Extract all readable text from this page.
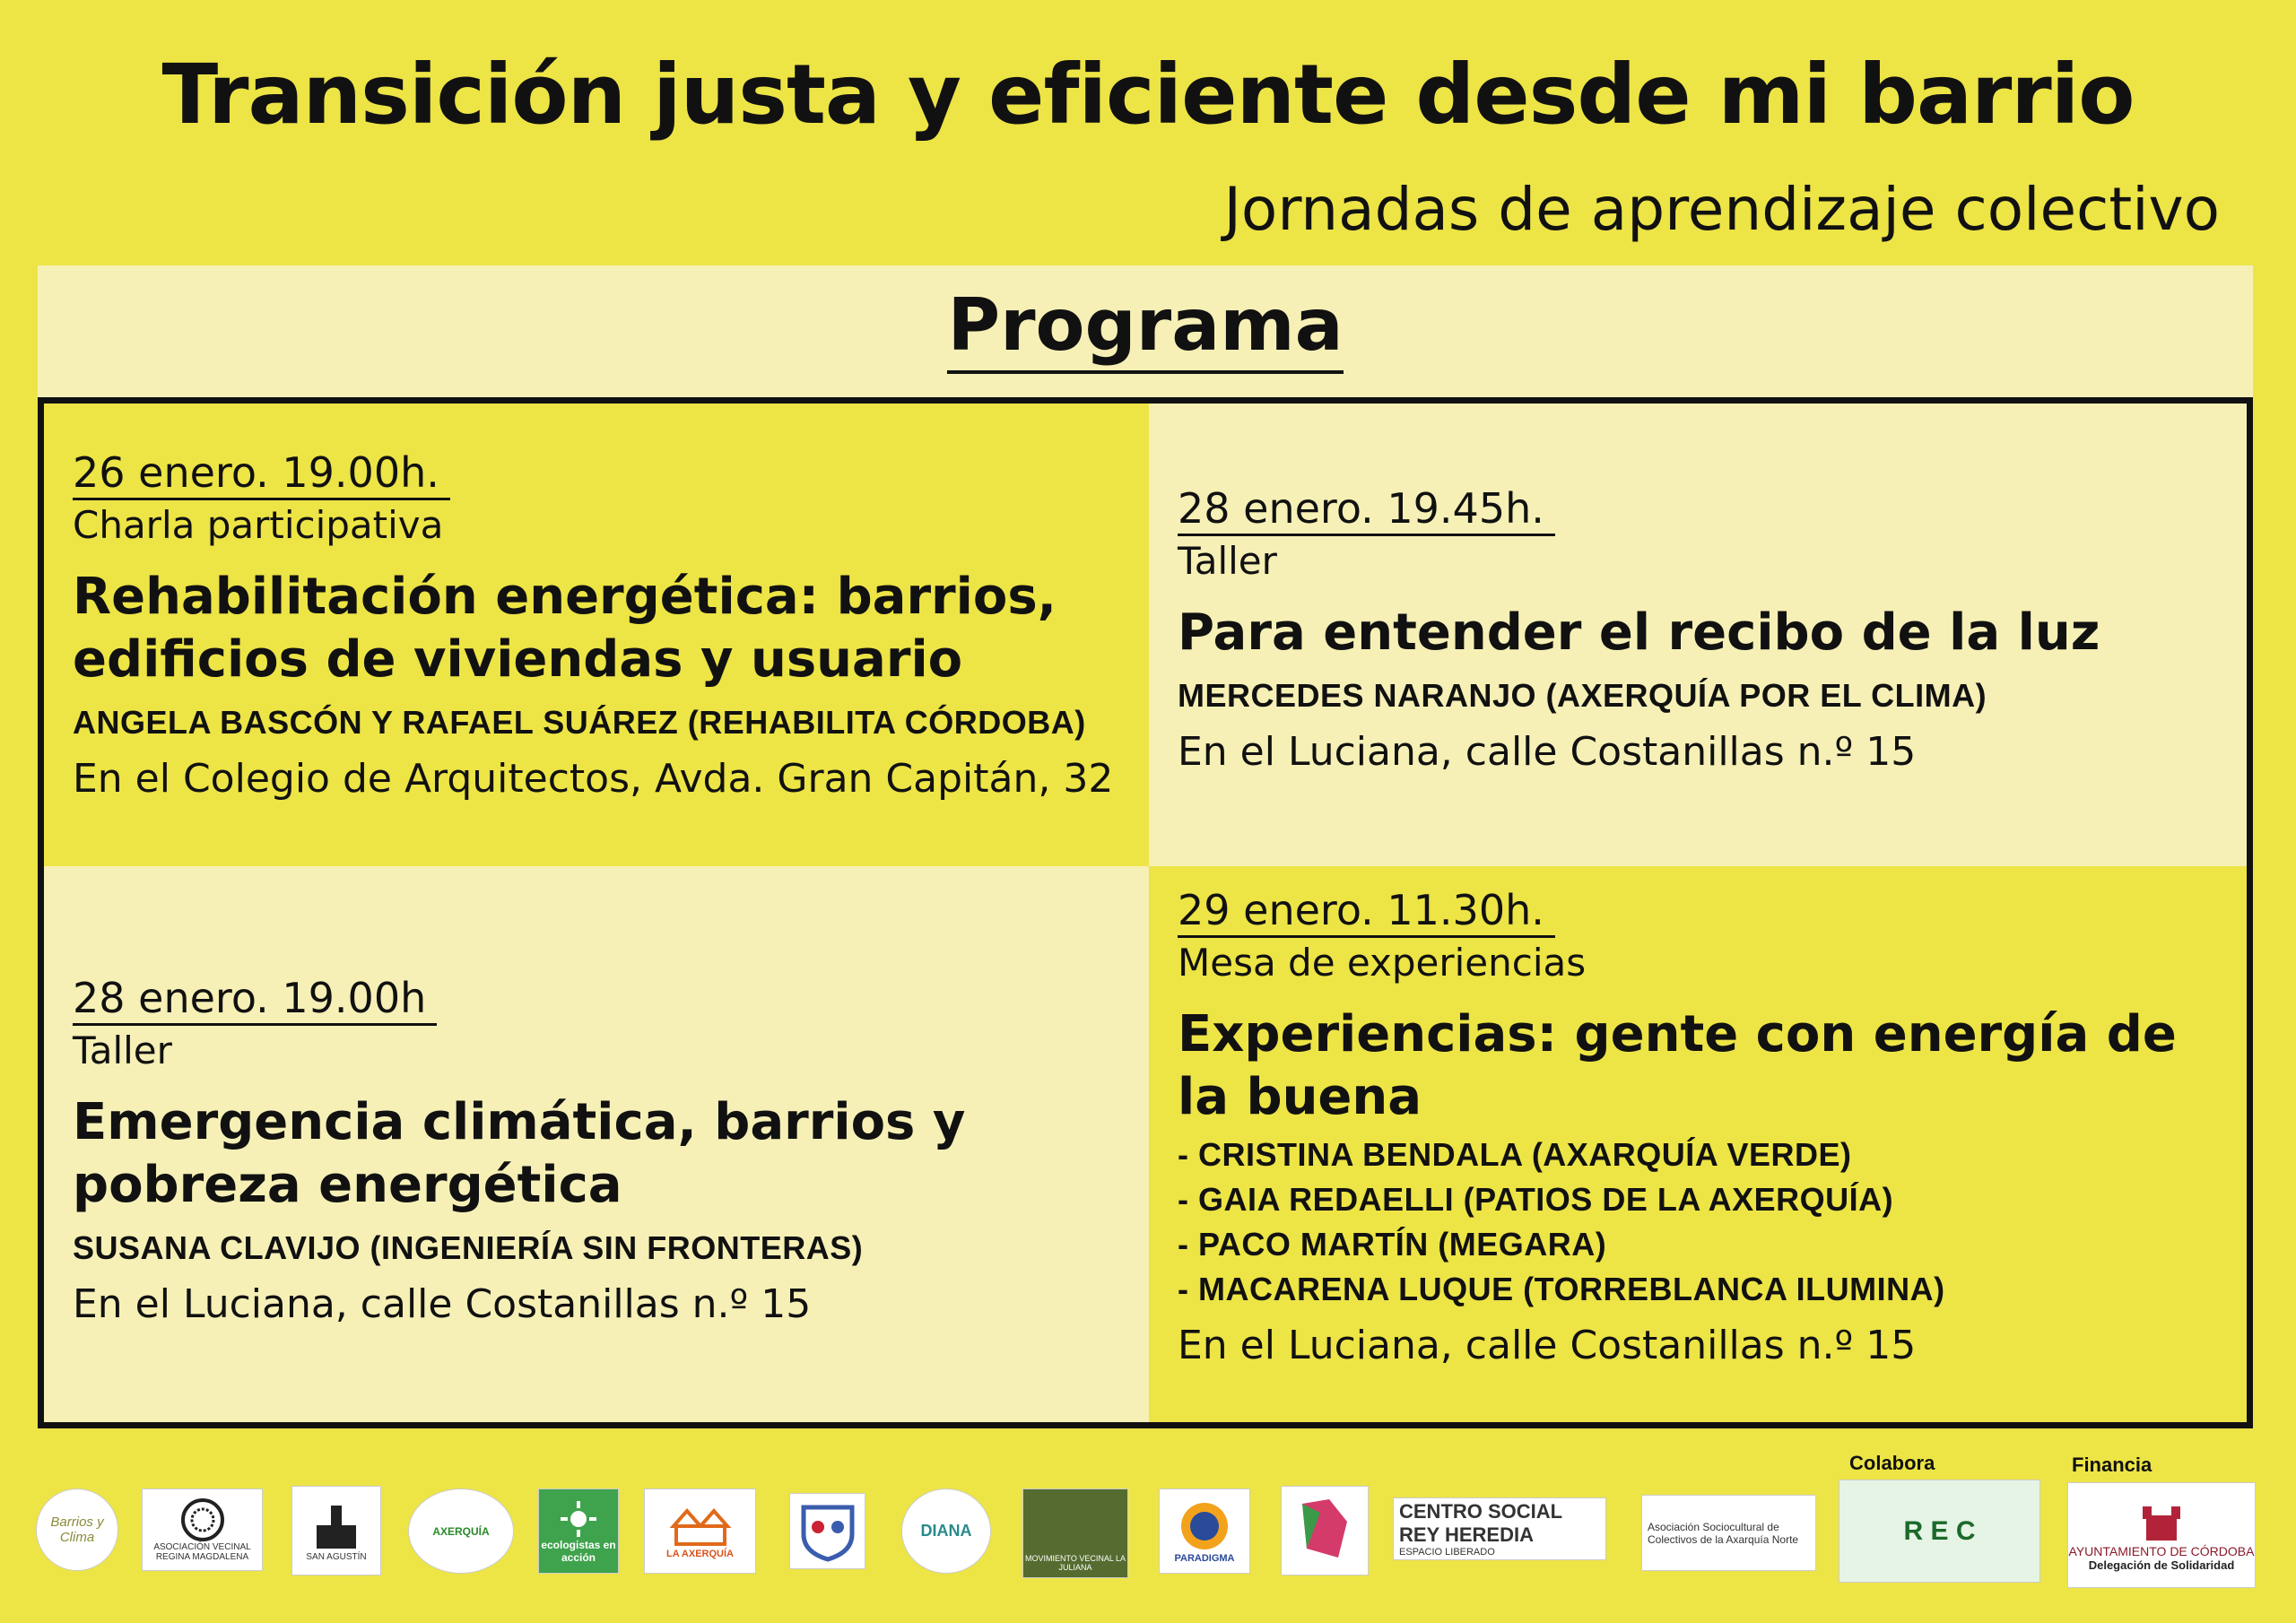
Transición justa y eficiente desde mi barrio
Jornadas de aprendizaje colectivo
Programa
26 enero. 19.00h.
Charla participativa
Rehabilitación energética: barrios, edificios de viviendas y usuario
ANGELA BASCÓN Y RAFAEL SUÁREZ (REHABILITA CÓRDOBA)
En el Colegio de Arquitectos, Avda. Gran Capitán, 32
28 enero. 19.45h.
Taller
Para entender el recibo de la luz
MERCEDES NARANJO (AXERQUÍA POR EL CLIMA)
En el Luciana, calle Costanillas n.º 15
28 enero. 19.00h
Taller
Emergencia climática, barrios y pobreza energética
SUSANA CLAVIJO (INGENIERÍA SIN FRONTERAS)
En el Luciana, calle Costanillas n.º 15
29 enero. 11.30h.
Mesa de experiencias
Experiencias: gente con energía de la buena
- CRISTINA BENDALA (AXARQUÍA VERDE)
- GAIA REDAELLI (PATIOS DE LA AXERQUÍA)
- PACO MARTÍN (MEGARA)
- MACARENA LUQUE (TORREBLANCA ILUMINA)
En el Luciana, calle Costanillas n.º 15
Barrios y Clima
ASOCIACIÓN VECINAL REGINA MAGDALENA	SAN AGUSTÍN
AXERQUÍA
ecologistas en acción	LA AXERQUÍA
DIANA
MOVIMIENTO VECINAL LA JULIANA
PARADIGMA
CENTRO SOCIAL REY HEREDIA
ESPACIO LIBERADO
Asociación Sociocultural de Colectivos de la Axarquía Norte
Colabora
R E C
Financia
AYUNTAMIENTO DE CÓRDOBA
Delegación de Solidaridad
